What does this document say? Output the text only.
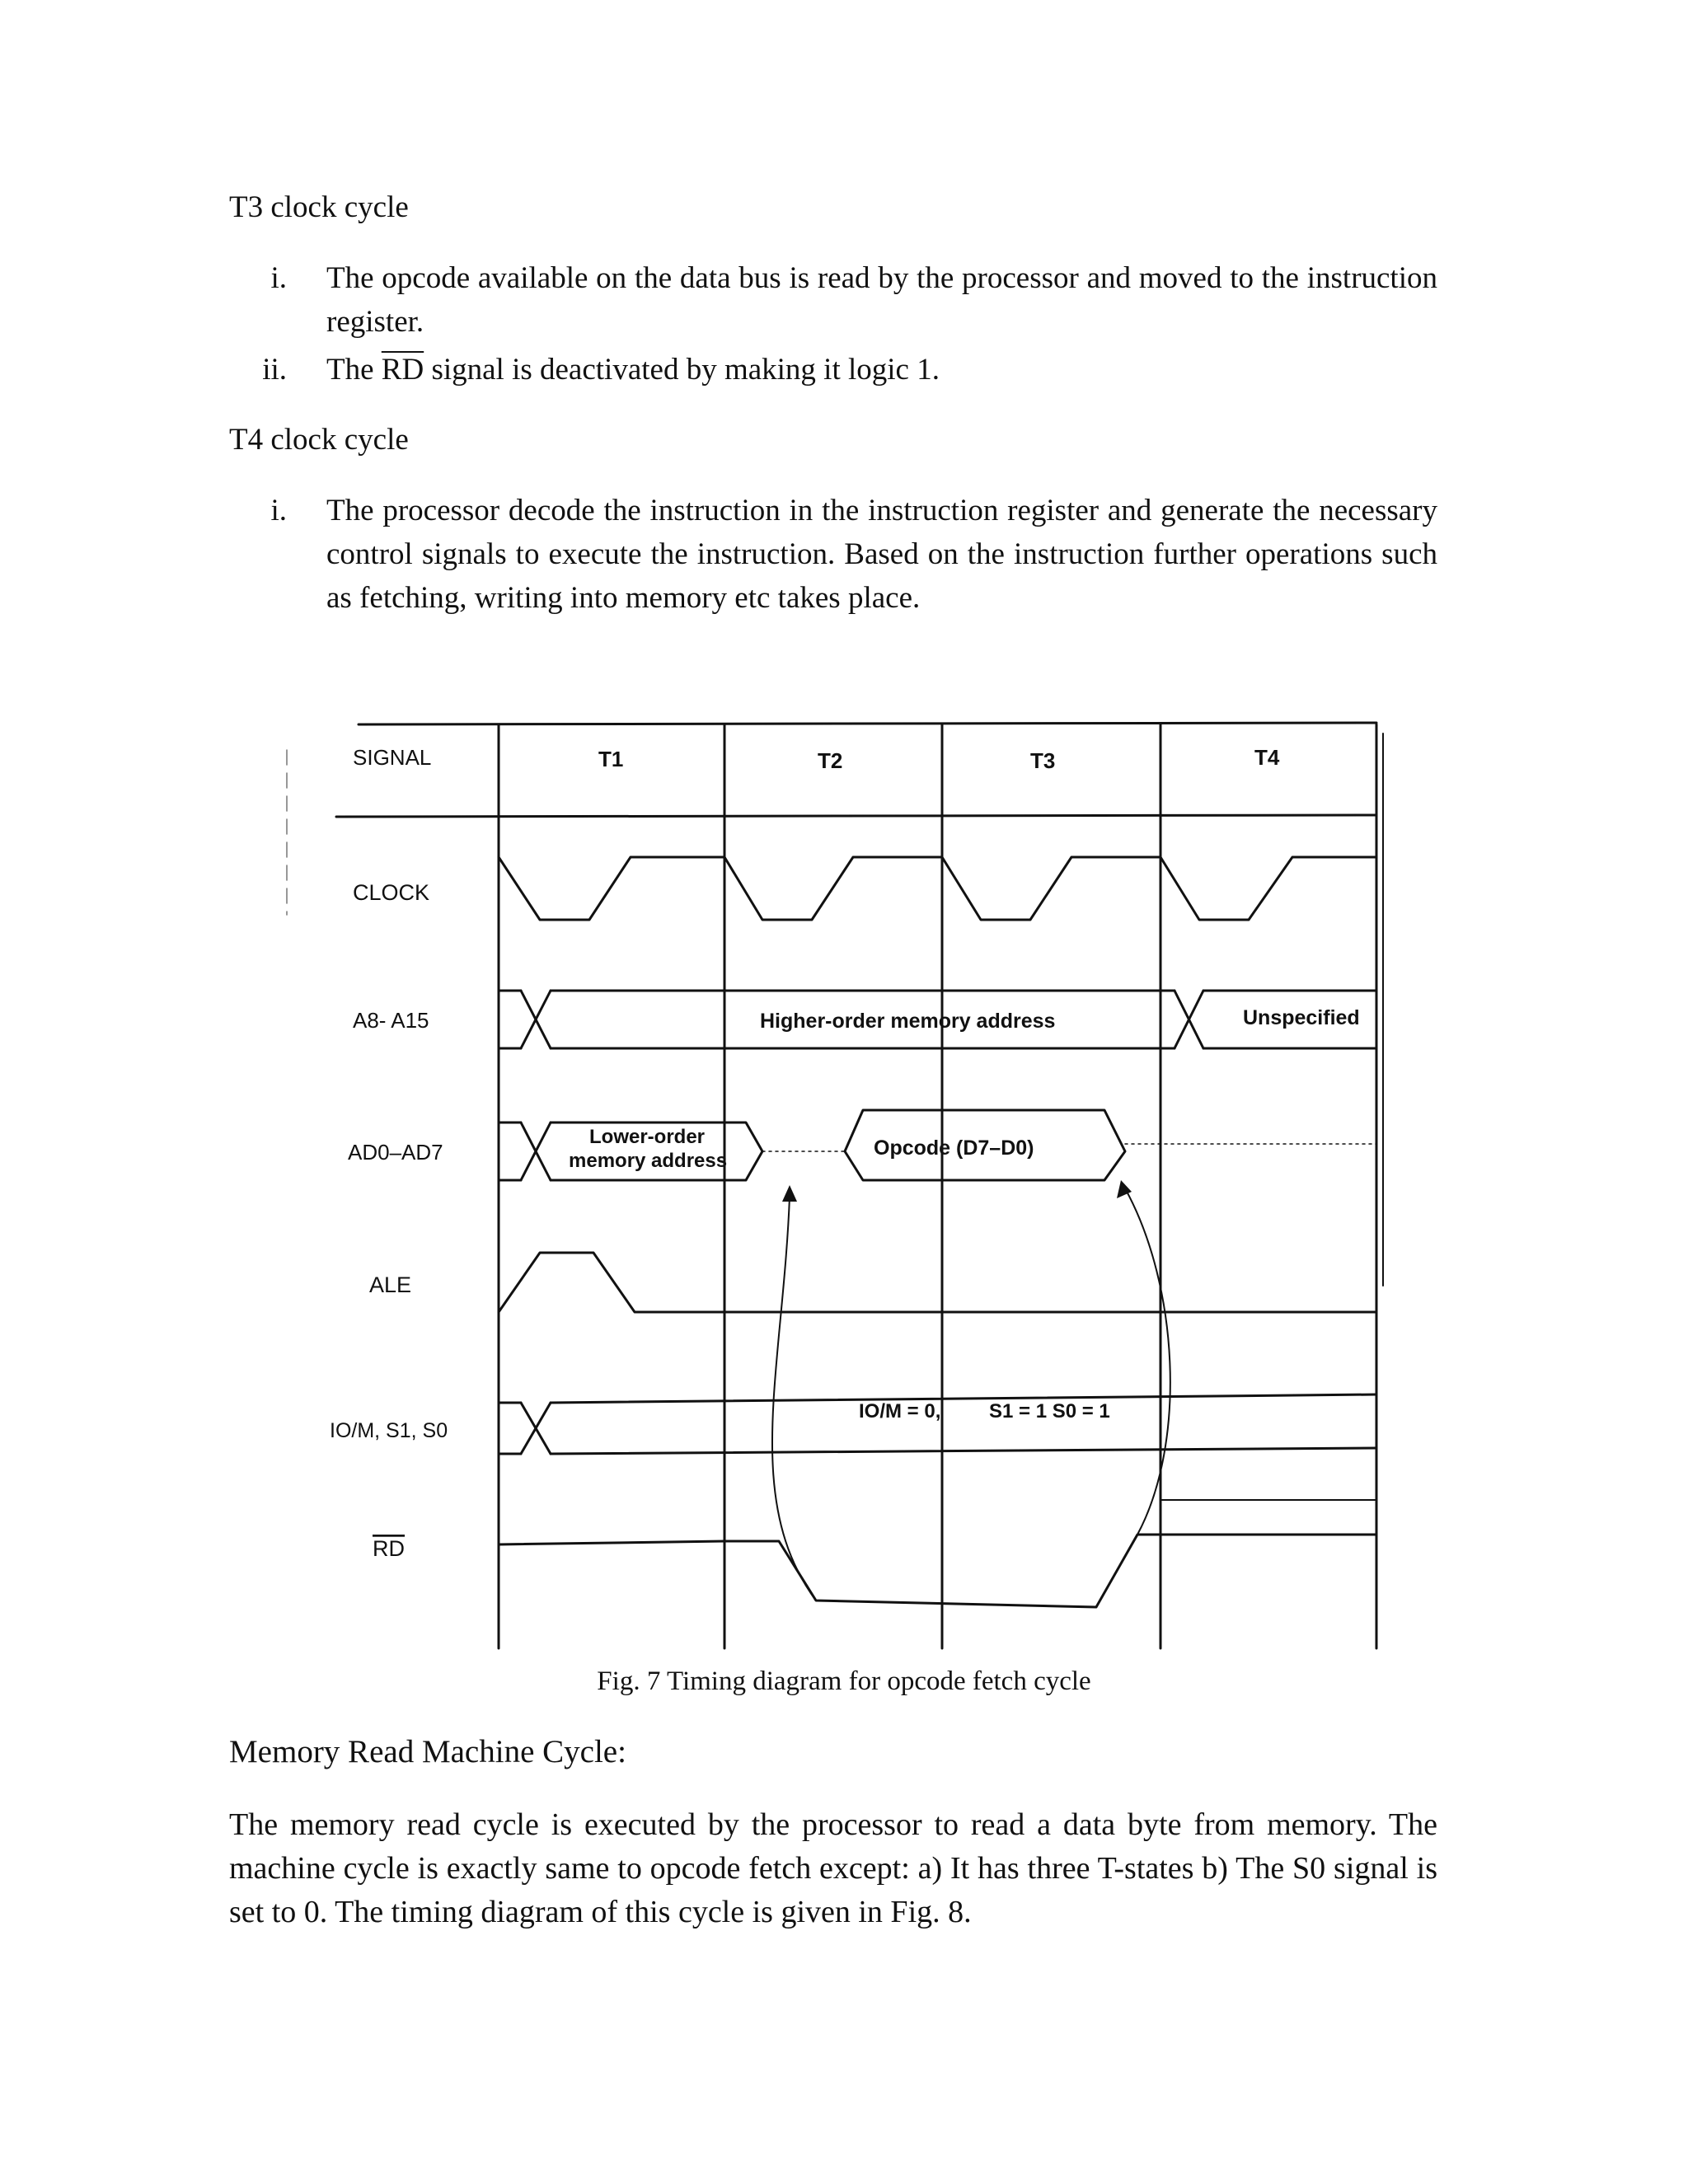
T3 clock cycle
i. The opcode available on the data bus is read by the processor and moved to the instruction register.
ii. The $\overline{RD}$ signal is deactivated by making it logic 1.
T4 clock cycle
i. The processor decode the instruction in the instruction register and generate the necessary control signals to execute the instruction. Based on the instruction further operations such as fetching, writing into memory etc takes place.
SIGNAL	T1	T2	T3	T4
CLOCK
A8- A15
AD0–AD7
ALE
IO/M, S1, S0
RD
Higher-order memory address	Unspecified
Lower-order
memory address
Opcode (D7–D0)
IO/M = 0, S1 = 1 S0 = 1
Fig. 7 Timing diagram for opcode fetch cycle
Memory Read Machine Cycle:

The memory read cycle is executed by the processor to read a data byte from memory. The machine cycle is exactly same to opcode fetch except: a) It has three T-states b) The S0 signal is set to 0. The timing diagram of this cycle is given in Fig. 8.
